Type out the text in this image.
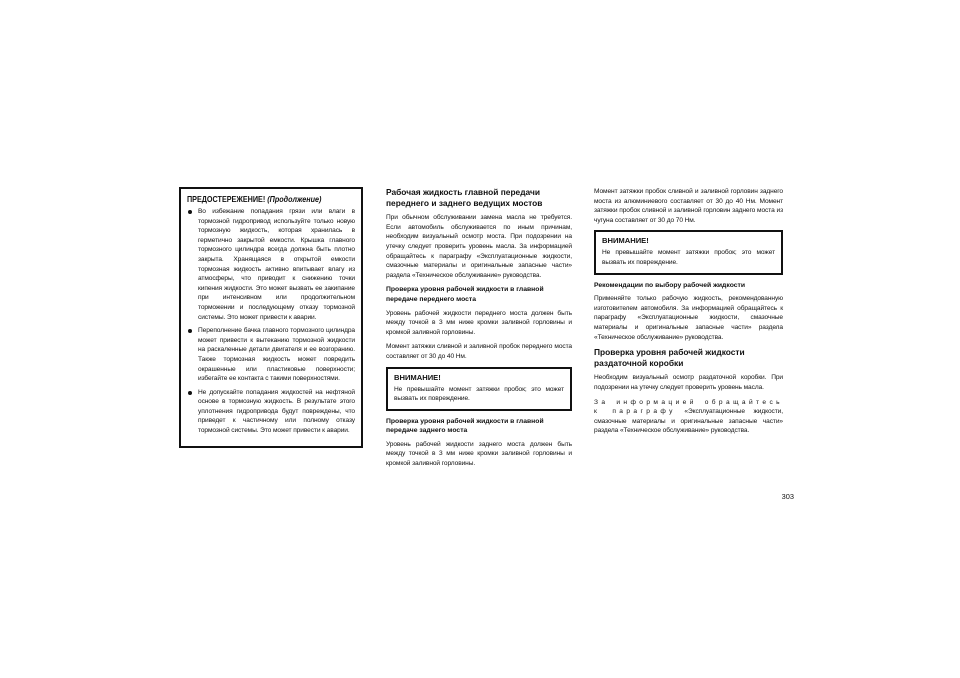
ПРЕДОСТЕРЕЖЕНИЕ! (Продолжение)
Во избежание попадания грязи или влаги в тормозной гидропривод используйте только новую тормозную жидкость, которая хранилась в герметично закрытой емкости. Крышка главного тормозного цилиндра всегда должна быть плотно закрыта. Хранящаяся в открытой емкости тормозная жидкость активно впитывает влагу из атмосферы, что приводит к снижению точки кипения жидкости. Это может вызвать ее закипание при интенсивном или продолжительном торможении и последующему отказу тормозной системы. Это может привести к аварии.
Переполнение бачка главного тормозного цилиндра может привести к вытеканию тормозной жидкости на раскаленные детали двигателя и ее возгоранию. Также тормозная жидкость может повредить окрашенные или пластиковые поверхности; избегайте ее контакта с такими поверхностями.
Не допускайте попадания жидкостей на нефтяной основе в тормозную жидкость. В результате этого уплотнения гидропривода будут повреждены, что приведет к частичному или полному отказу тормозной системы. Это может привести к аварии.
Рабочая жидкость главной передачи переднего и заднего ведущих мостов

При обычном обслуживании замена масла не требуется. Если автомобиль обслуживается по иным причинам, необходим визуальный осмотр моста. При подозрении на утечку следует проверить уровень масла. За информацией обращайтесь к параграфу «Эксплуатационные жидкости, смазочные материалы и оригинальные запасные части» раздела «Техническое обслуживание» руководства.

Проверка уровня рабочей жидкости в главной передаче переднего моста

Уровень рабочей жидкости переднего моста должен быть между точкой в 3 мм ниже кромки заливной горловины и кромкой заливной горловины.

Момент затяжки сливной и заливной пробок переднего моста составляет от 30 до 40 Нм.

ВНИМАНИЕ!

Не превышайте момент затяжки пробок; это может вызвать их повреждение.

Проверка уровня рабочей жидкости в главной передаче заднего моста

Уровень рабочей жидкости заднего моста должен быть между точкой в 3 мм ниже кромки заливной горловины и кромкой заливной горловины.

Момент затяжки пробок сливной и заливной горловин заднего моста из алюминиевого составляет от 30 до 40 Нм. Момент затяжки пробок сливной и заливной горловин заднего моста из чугуна составляет от 30 до 70 Нм.

ВНИМАНИЕ!

Не превышайте момент затяжки пробок; это может вызвать их повреждение.

Рекомендации по выбору рабочей жидкости

Применяйте только рабочую жидкость, рекомендованную изготовителем автомобиля. За информацией обращайтесь к параграфу «Эксплуатационные жидкости, смазочные материалы и оригинальные запасные части» раздела «Техническое обслуживание» руководства.

Проверка уровня рабочей жидкости раздаточной коробки

Необходим визуальный осмотр раздаточной коробки. При подозрении на утечку следует проверить уровень масла.

За информацией обращайтесь к параграфу «Эксплуатационные жидкости, смазочные материалы и оригинальные запасные части» раздела «Техническое обслуживание» руководства.

303
